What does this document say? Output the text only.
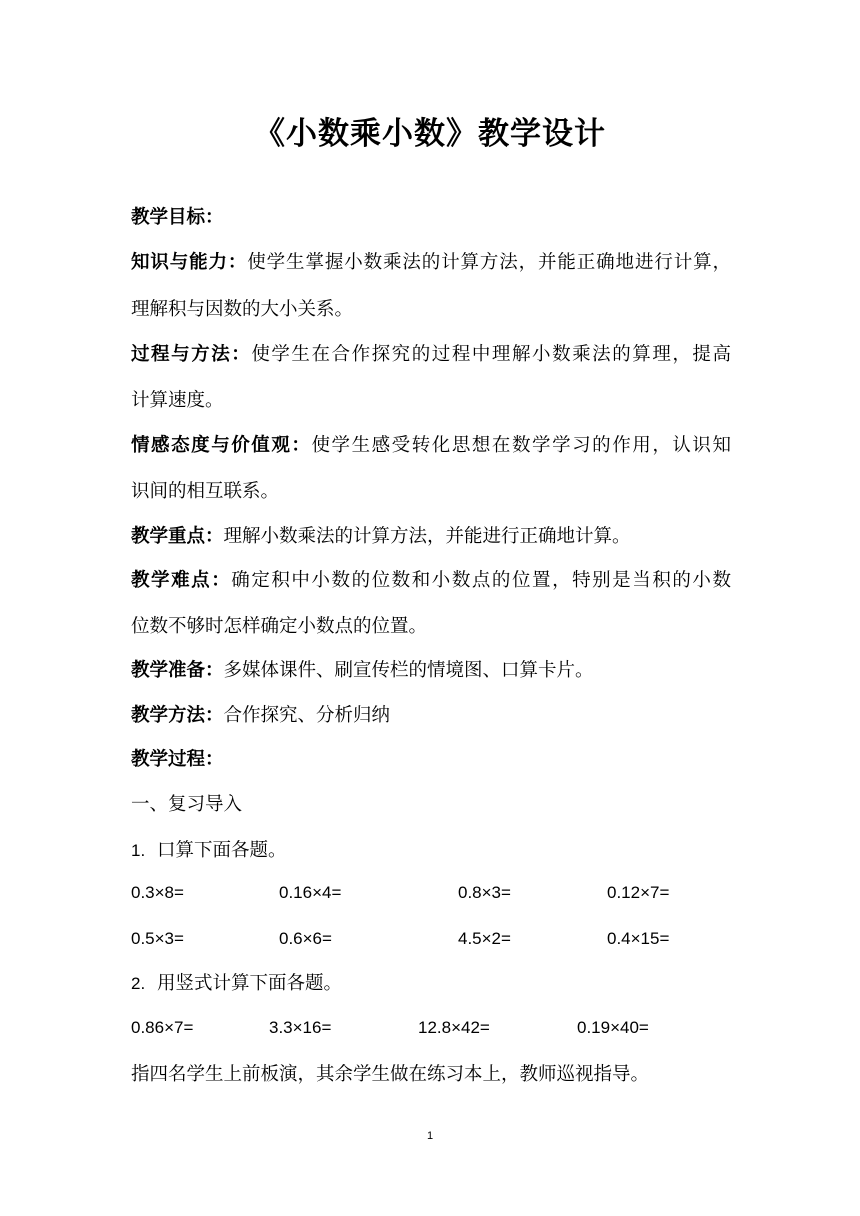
《小数乘小数》教学设计
教学目标：
知识与能力：使学生掌握小数乘法的计算方法，并能正确地进行计算，
理解积与因数的大小关系。
过程与方法：使学生在合作探究的过程中理解小数乘法的算理，提高
计算速度。
情感态度与价值观：使学生感受转化思想在数学学习的作用，认识知
识间的相互联系。
教学重点：理解小数乘法的计算方法，并能进行正确地计算。
教学难点：确定积中小数的位数和小数点的位置，特别是当积的小数
位数不够时怎样确定小数点的位置。
教学准备：多媒体课件、刷宣传栏的情境图、口算卡片。
教学方法：合作探究、分析归纳
教学过程：
一、复习导入
1. 口算下面各题。
0.3×8=	0.16×4=	0.8×3=	0.12×7=
0.5×3=	0.6×6=	4.5×2=	0.4×15=
2. 用竖式计算下面各题。
0.86×7=	3.3×16=	12.8×42=	0.19×40=
指四名学生上前板演，其余学生做在练习本上，教师巡视指导。
1
